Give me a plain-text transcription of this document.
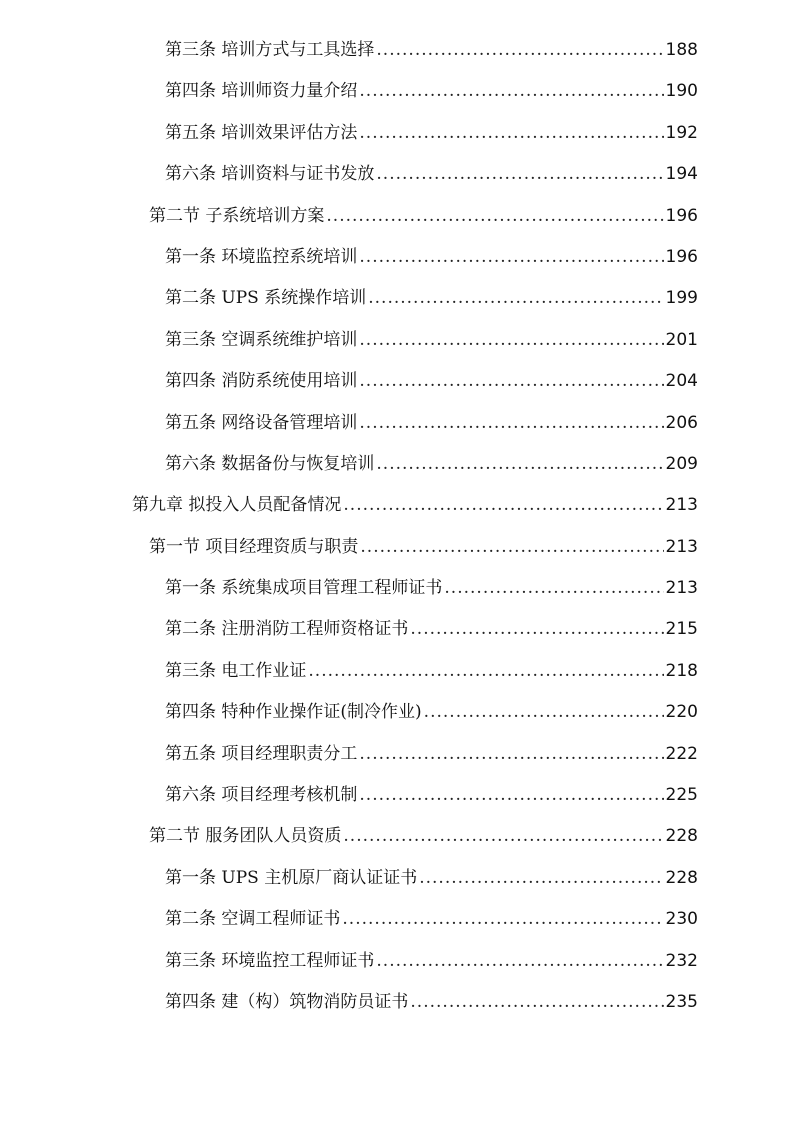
第三条 培训方式与工具选择 .....	188
第四条 培训师资力量介绍 .....	190
第五条 培训效果评估方法 .....	192
第六条 培训资料与证书发放 .....	194
第二节 子系统培训方案 .....	196
第一条 环境监控系统培训 .....	196
第二条 UPS 系统操作培训 .....	199
第三条 空调系统维护培训 .....	201
第四条 消防系统使用培训 .....	204
第五条 网络设备管理培训 .....	206
第六条 数据备份与恢复培训 .....	209
第九章 拟投入人员配备情况 .....	213
第一节 项目经理资质与职责 .....	213
第一条 系统集成项目管理工程师证书 .....	213
第二条 注册消防工程师资格证书 .....	215
第三条 电工作业证 .....	218
第四条 特种作业操作证(制冷作业) .....	220
第五条 项目经理职责分工 .....	222
第六条 项目经理考核机制 .....	225
第二节 服务团队人员资质 .....	228
第一条 UPS 主机原厂商认证证书 .....	228
第二条 空调工程师证书 .....	230
第三条 环境监控工程师证书 .....	232
第四条 建（构）筑物消防员证书 .....	235
